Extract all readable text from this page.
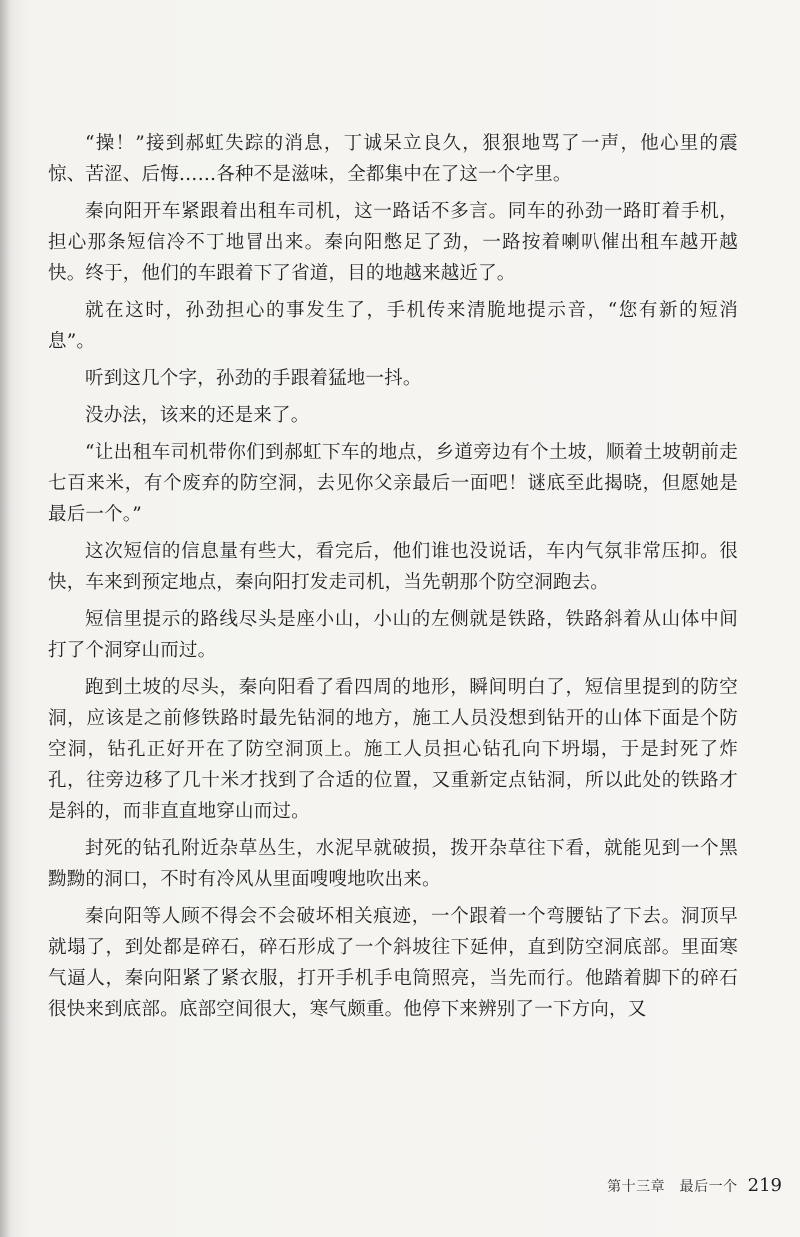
“操！”接到郝虹失踪的消息，丁诚呆立良久，狠狠地骂了一声，他心里的震惊、苦涩、后悔……各种不是滋味，全都集中在了这一个字里。

秦向阳开车紧跟着出租车司机，这一路话不多言。同车的孙劲一路盯着手机，担心那条短信冷不丁地冒出来。秦向阳憋足了劲，一路按着喇叭催出租车越开越快。终于，他们的车跟着下了省道，目的地越来越近了。

就在这时，孙劲担心的事发生了，手机传来清脆地提示音，“您有新的短消息”。

听到这几个字，孙劲的手跟着猛地一抖。

没办法，该来的还是来了。

“让出租车司机带你们到郝虹下车的地点，乡道旁边有个土坡，顺着土坡朝前走七百来米，有个废弃的防空洞，去见你父亲最后一面吧！谜底至此揭晓，但愿她是最后一个。”

这次短信的信息量有些大，看完后，他们谁也没说话，车内气氛非常压抑。很快，车来到预定地点，秦向阳打发走司机，当先朝那个防空洞跑去。

短信里提示的路线尽头是座小山，小山的左侧就是铁路，铁路斜着从山体中间打了个洞穿山而过。

跑到土坡的尽头，秦向阳看了看四周的地形，瞬间明白了，短信里提到的防空洞，应该是之前修铁路时最先钻洞的地方，施工人员没想到钻开的山体下面是个防空洞，钻孔正好开在了防空洞顶上。施工人员担心钻孔向下坍塌，于是封死了炸孔，往旁边移了几十米才找到了合适的位置，又重新定点钻洞，所以此处的铁路才是斜的，而非直直地穿山而过。

封死的钻孔附近杂草丛生，水泥早就破损，拨开杂草往下看，就能见到一个黑黝黝的洞口，不时有冷风从里面嗖嗖地吹出来。

秦向阳等人顾不得会不会破坏相关痕迹，一个跟着一个弯腰钻了下去。洞顶早就塌了，到处都是碎石，碎石形成了一个斜坡往下延伸，直到防空洞底部。里面寒气逼人，秦向阳紧了紧衣服，打开手机手电筒照亮，当先而行。他踏着脚下的碎石很快来到底部。底部空间很大，寒气颇重。他停下来辨别了一下方向，又

第十三章　最后一个 219
